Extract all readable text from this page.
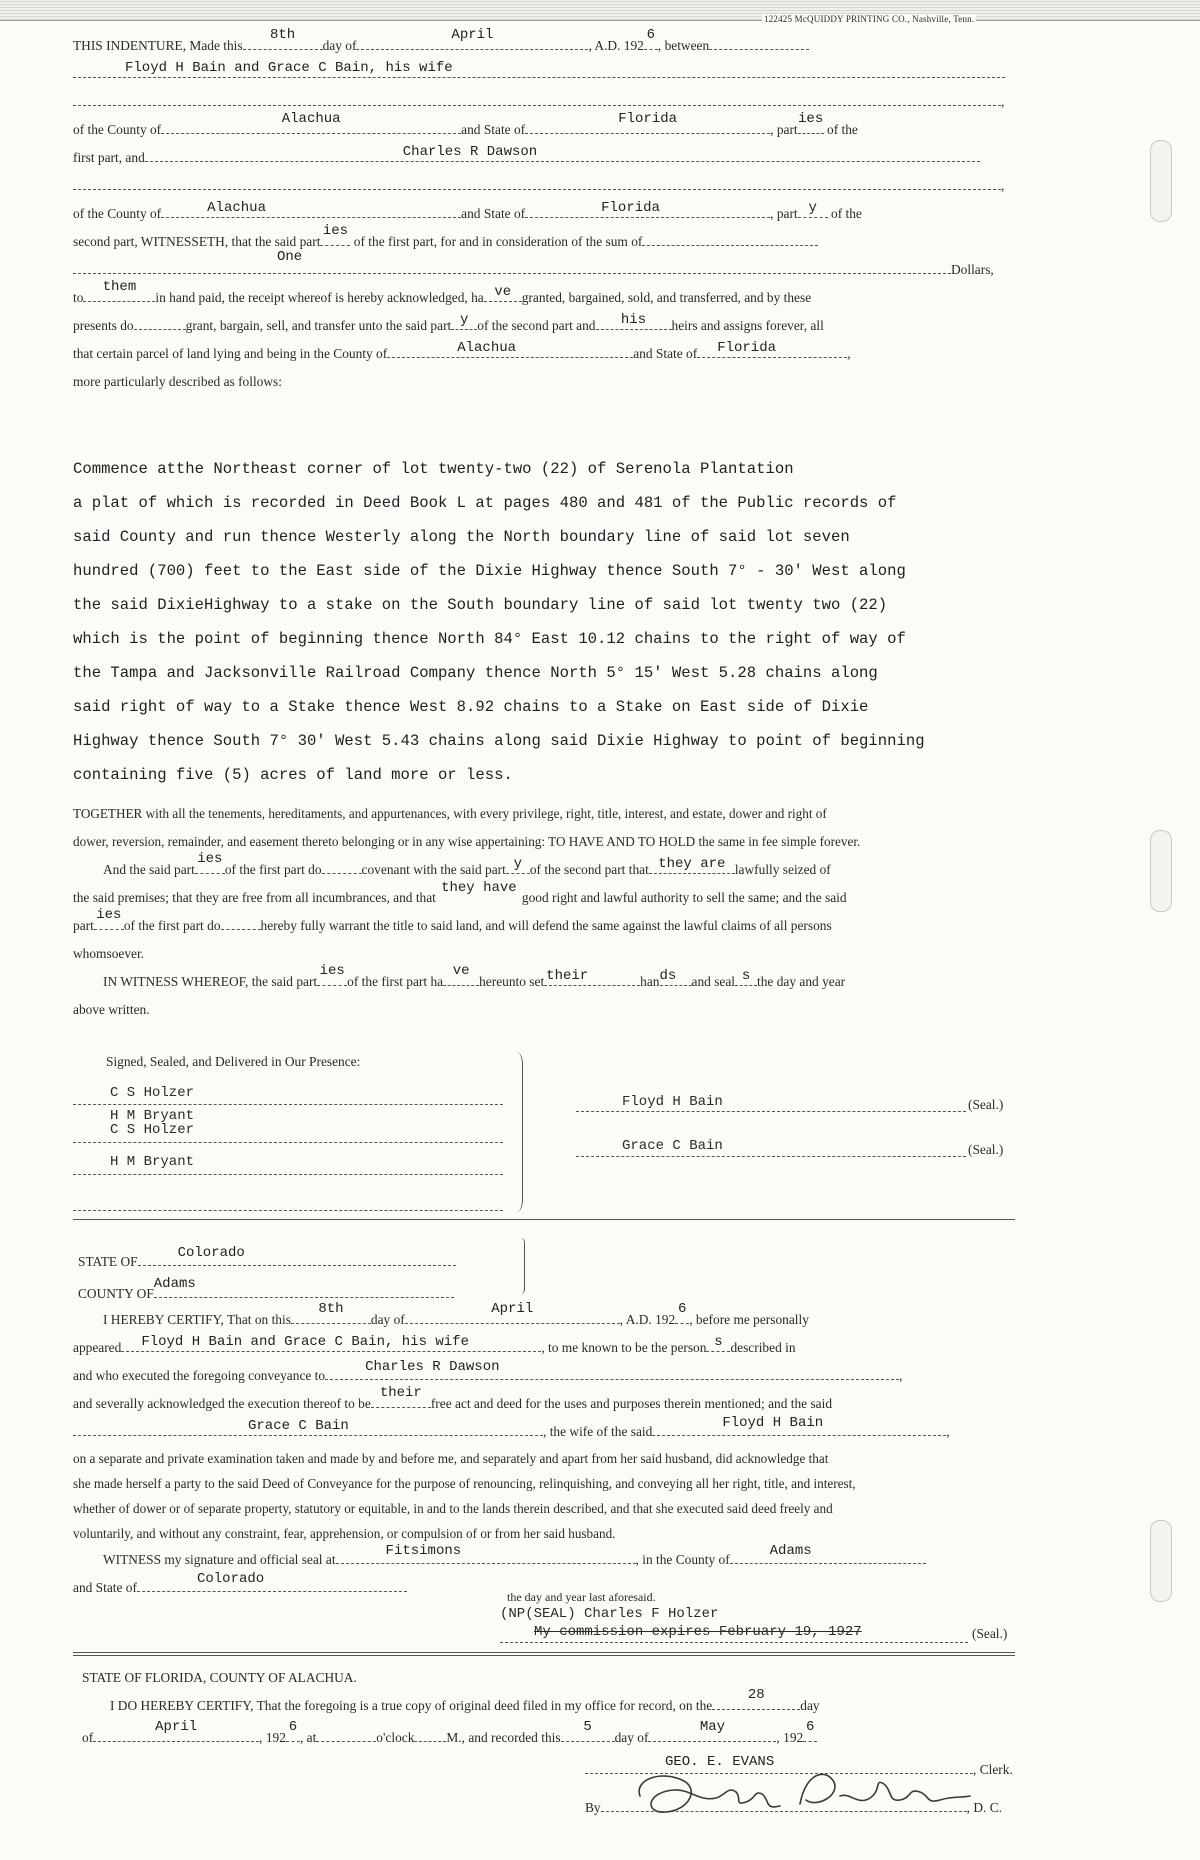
122425 McQUIDDY PRINTING CO., Nashville, Tenn.
THIS INDENTURE, Made this
8th
day of
April
, A.D. 192
6
, between
Floyd H Bain and Grace C Bain, his wife
,
of the County of
Alachua
and State of
Florida
, part
ies
of the
first part, and	Charles R Dawson
,
of the County of	Alachua	and State of	Florida	, part y	of the
second part, WITNESSETH, that the said part
ies
of the first part, for and in consideration of the sum of
One
Dollars,
to
them
in hand paid, the receipt whereof is hereby acknowledged, ha ve granted, bargained, sold, and transferred, and by these
presents do	grant, bargain, sell, and transfer unto the said part y of the second part and	his	heirs and assigns forever, all
that certain parcel of land lying and being in the County of	Alachua	and State of Florida	,
more particularly described as follows:
Commence atthe Northeast corner of lot twenty-two (22) of Serenola Plantation
a plat of which is recorded in Deed Book L at pages 480 and 481 of the Public records of
said County and run thence Westerly along the North boundary line of said lot seven
hundred (700) feet to the East side of the Dixie Highway thence South 7° - 30' West along
the said DixieHighway to a stake on the South boundary line of said lot twenty two (22)
which is the point of beginning thence North 84° East 10.12 chains to the right of way of
the Tampa and Jacksonville Railroad Company thence North 5° 15' West 5.28 chains along
said right of way to a Stake thence West 8.92 chains to a Stake on East side of Dixie
Highway thence South 7° 30' West 5.43 chains along said Dixie Highway to point of beginning
containing five (5) acres of land more or less.
TOGETHER with all the tenements, hereditaments, and appurtenances, with every privilege, right, title, interest, and estate, dower and right of
dower, reversion, remainder, and easement thereto belonging or in any wise appertaining: TO HAVE AND TO HOLD the same in fee simple forever.
And the said part
ies
of the first part do	covenant with the said part y of the second part that they are lawfully seized of
the said premises; that they are free from all incumbrances, and that
they have
good right and lawful authority to sell the same; and the said
part
ies
of the first part do	hereby fully warrant the title to said land, and will defend the same against the lawful claims of all persons
whomsoever.
IN WITNESS WHEREOF, the said part
ies
of the first part ha
ve
hereunto set their	han ds	and seal s the day and year
above written.
Signed, Sealed, and Delivered in Our Presence:
C S Holzer
H M Bryant
C S Holzer
H M Bryant
Floyd H Bain
Grace C Bain
(Seal.)
(Seal.)
STATE OF
Colorado
COUNTY OF
Adams
I HEREBY CERTIFY, That on this
8th
day of
April
, A.D. 192
6
, before me personally
appeared Floyd H Bain and Grace C Bain, his wife	, to me known to be the person s described in
and who executed the foregoing conveyance to
Charles R Dawson
,
and severally acknowledged the execution thereof to be
their
free act and deed for the uses and purposes therein mentioned; and the said
Grace C Bain	, the wife of the said
Floyd H Bain
,
on a separate and private examination taken and made by and before me, and separately and apart from her said husband, did acknowledge that
she made herself a party to the said Deed of Conveyance for the purpose of renouncing, relinquishing, and conveying all her right, title, and interest,
whether of dower or of separate property, statutory or equitable, in and to the lands therein described, and that she executed said deed freely and
voluntarily, and without any constraint, fear, apprehension, or compulsion of or from her said husband.
WITNESS my signature and official seal at
Fitsimons
, in the County of
Adams
and State of
Colorado
the day and year last aforesaid.
(NP(SEAL) Charles F Holzer
My commission expires February 19, 1927	(Seal.)
STATE OF FLORIDA, COUNTY OF ALACHUA.
I DO HEREBY CERTIFY, That the foregoing is a true copy of original deed filed in my office for record, on the
28
day
of
April
, 192
6
, at	o'clock M., and recorded this
5
day of
May
, 192
6
GEO. E. EVANS	, Clerk.
By	, D. C.
